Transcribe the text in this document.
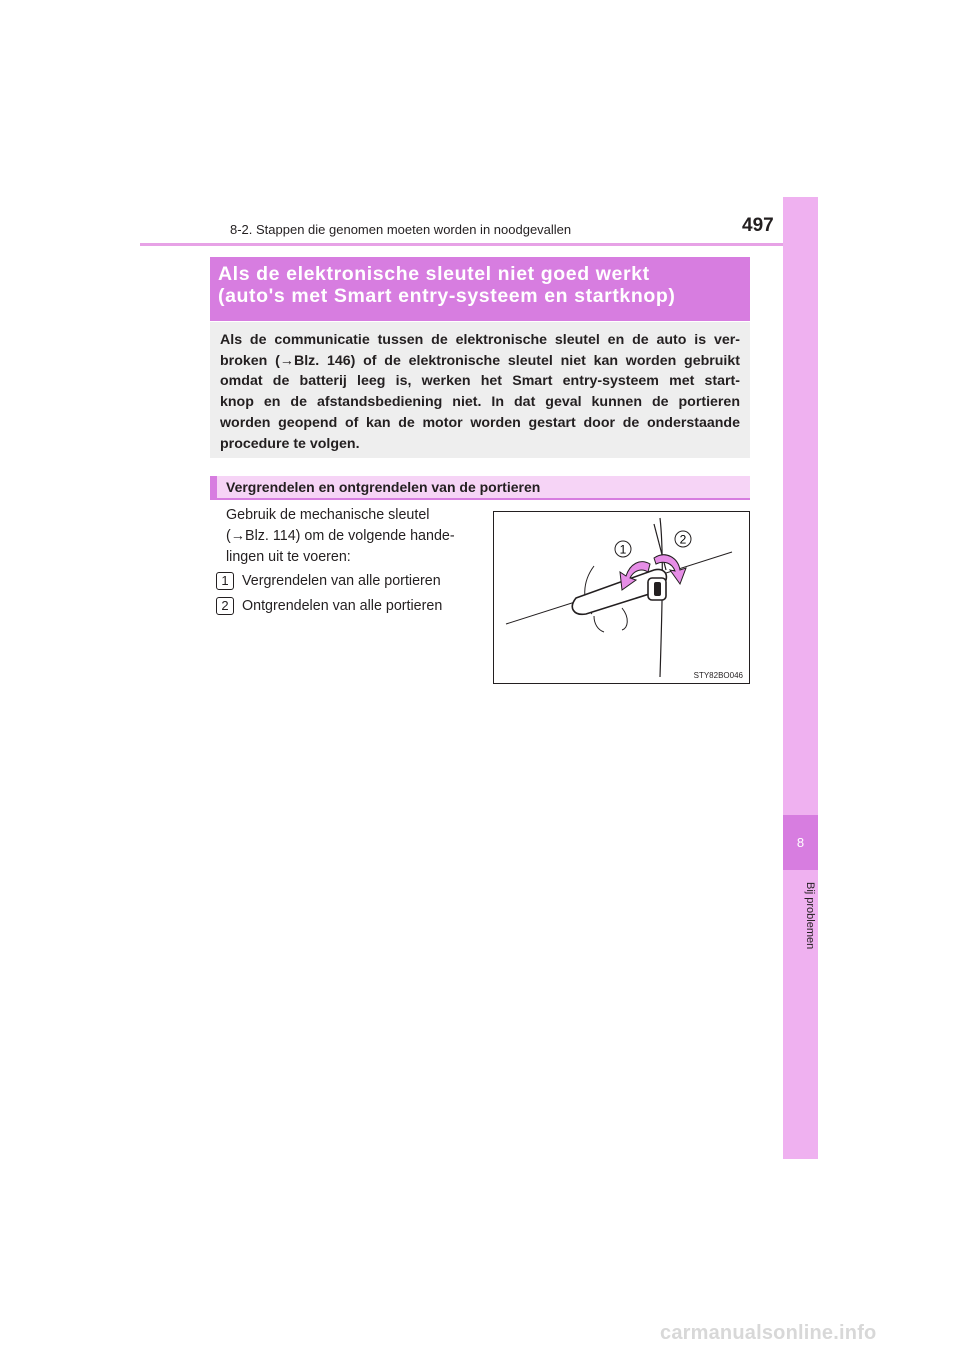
8-2. Stappen die genomen moeten worden in noodgevallen	497
8
Bij problemen
Als de elektronische sleutel niet goed werkt
(auto's met Smart entry-systeem en startknop)
Als de communicatie tussen de elektronische sleutel en de auto is ver-
broken (→Blz. 146) of de elektronische sleutel niet kan worden gebruikt
omdat de batterij leeg is, werken het Smart entry-systeem met start-
knop en de afstandsbediening niet. In dat geval kunnen de portieren
worden geopend of kan de motor worden gestart door de onderstaande
procedure te volgen.
Vergrendelen en ontgrendelen van de portieren
Gebruik de mechanische sleutel
(→Blz. 114) om de volgende hande-
lingen uit te voeren:
1 Vergrendelen van alle portieren
2 Ontgrendelen van alle portieren
1
2
STY82BO046
carmanualsonline.info
